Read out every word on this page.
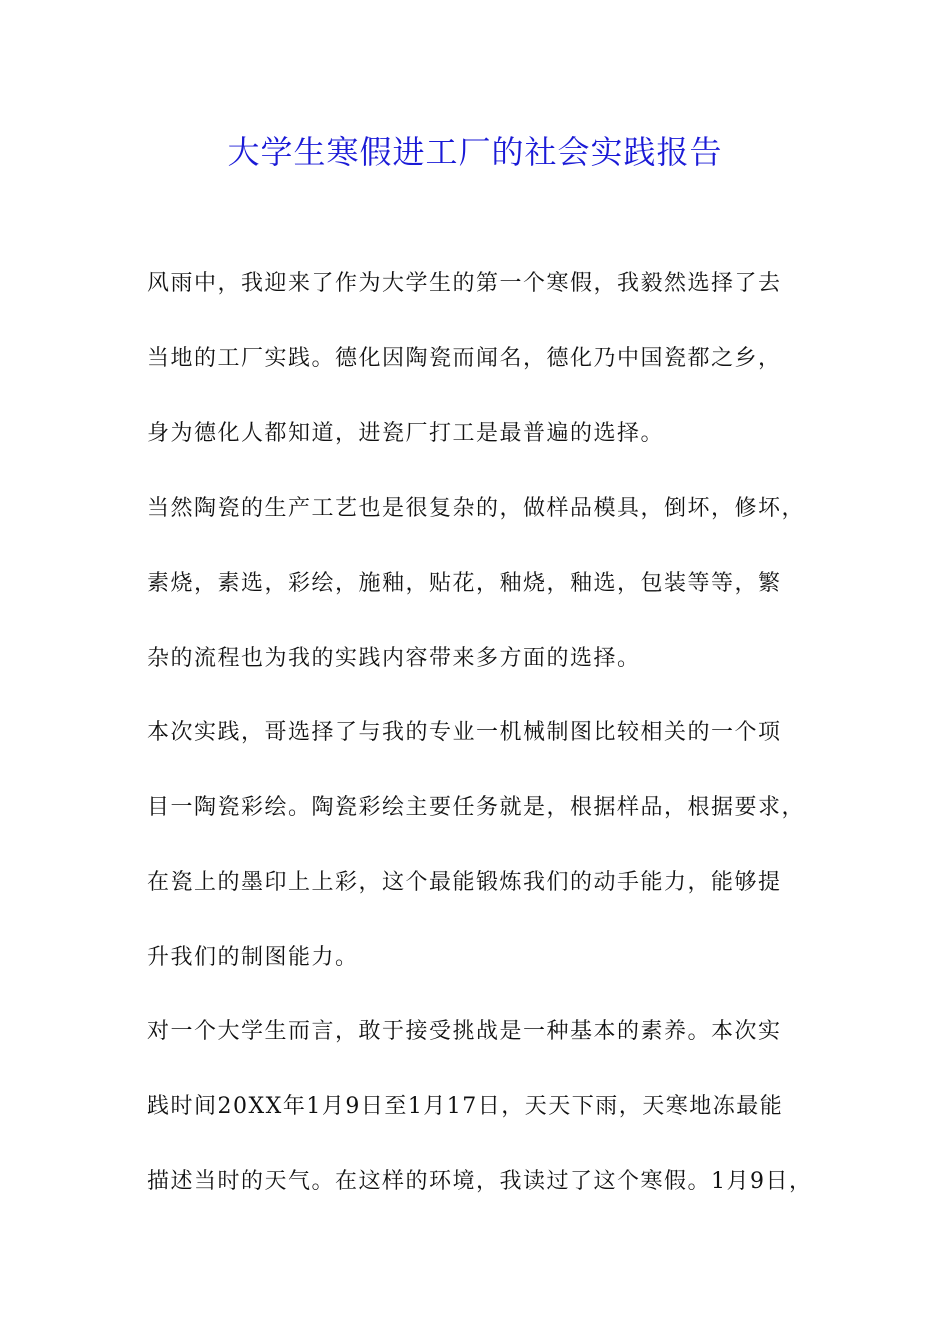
大学生寒假进工厂的社会实践报告
风雨中，我迎来了作为大学生的第一个寒假，我毅然选择了去
当地的工厂实践。德化因陶瓷而闻名，德化乃中国瓷都之乡，
身为德化人都知道，进瓷厂打工是最普遍的选择。
当然陶瓷的生产工艺也是很复杂的，做样品模具，倒坏，修坏，
素烧，素选，彩绘，施釉，贴花，釉烧，釉选，包装等等，繁
杂的流程也为我的实践内容带来多方面的选择。
本次实践，哥选择了与我的专业一机械制图比较相关的一个项
目一陶瓷彩绘。陶瓷彩绘主要任务就是，根据样品，根据要求，
在瓷上的墨印上上彩，这个最能锻炼我们的动手能力，能够提
升我们的制图能力。
对一个大学生而言，敢于接受挑战是一种基本的素养。本次实
践时间20XX年1月9日至1月17日，天天下雨，天寒地冻最能
描述当时的天气。在这样的环境，我读过了这个寒假。1月9日，
